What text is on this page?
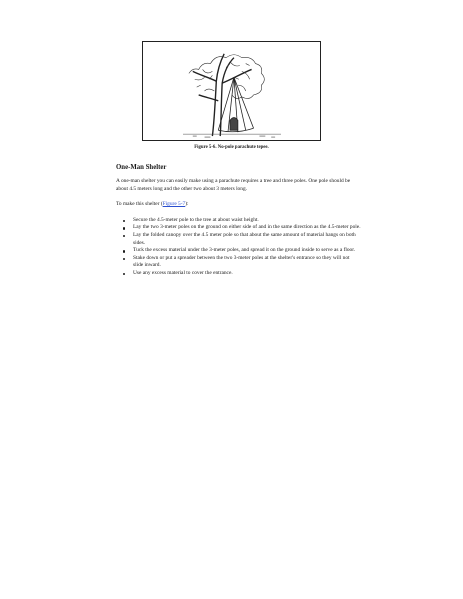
Figure 5-6. No-pole parachute tepee.
One-Man Shelter

A one-man shelter you can easily make using a parachute requires a tree and three poles. One pole should be about 4.5 meters long and the other two about 3 meters long.

To make this shelter (Figure 5-7):

Secure the 4.5-meter pole to the tree at about waist height.
Lay the two 3-meter poles on the ground on either side of and in the same direction as the 4.5-meter pole.
Lay the folded canopy over the 4.5 meter pole so that about the same amount of material hangs on both sides.
Tuck the excess material under the 3-meter poles, and spread it on the ground inside to serve as a floor.
Stake down or put a spreader between the two 3-meter poles at the shelter's entrance so they will not slide inward.
Use any excess material to cover the entrance.
